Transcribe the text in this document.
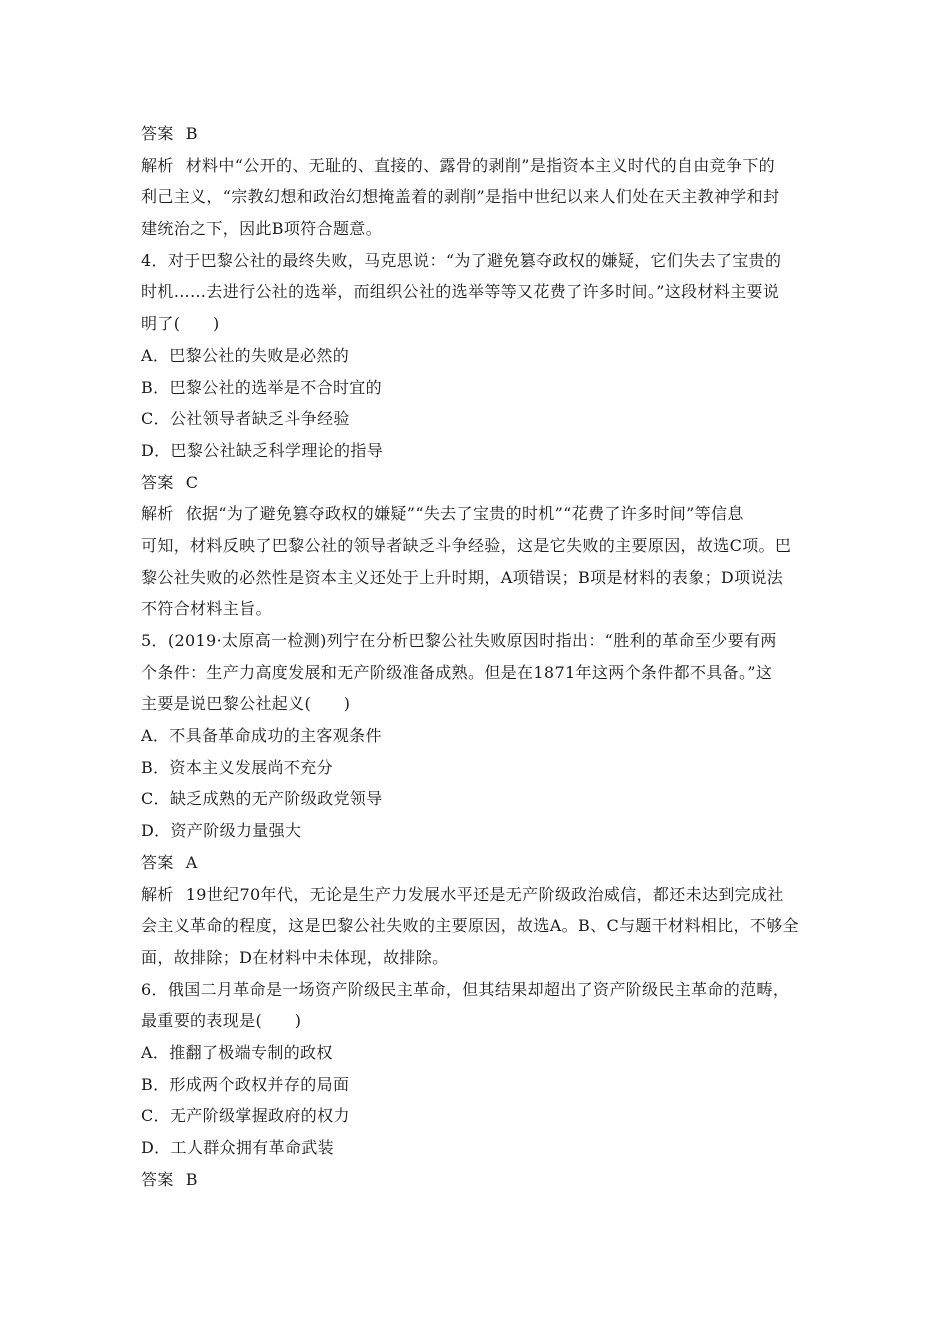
答案 B
解析 材料中“公开的、无耻的、直接的、露骨的剥削”是指资本主义时代的自由竞争下的
利己主义，“宗教幻想和政治幻想掩盖着的剥削”是指中世纪以来人们处在天主教神学和封
建统治之下，因此B项符合题意。
4．对于巴黎公社的最终失败，马克思说：“为了避免篡夺政权的嫌疑，它们失去了宝贵的
时机……去进行公社的选举，而组织公社的选举等等又花费了许多时间。”这段材料主要说
明了(　　)
A．巴黎公社的失败是必然的
B．巴黎公社的选举是不合时宜的
C．公社领导者缺乏斗争经验
D．巴黎公社缺乏科学理论的指导
答案 C
解析 依据“为了避免篡夺政权的嫌疑”“失去了宝贵的时机”“花费了许多时间”等信息
可知，材料反映了巴黎公社的领导者缺乏斗争经验，这是它失败的主要原因，故选C项。巴
黎公社失败的必然性是资本主义还处于上升时期，A项错误；B项是材料的表象；D项说法
不符合材料主旨。
5．(2019·太原高一检测)列宁在分析巴黎公社失败原因时指出：“胜利的革命至少要有两
个条件：生产力高度发展和无产阶级准备成熟。但是在1871年这两个条件都不具备。”这
主要是说巴黎公社起义(　　)
A．不具备革命成功的主客观条件
B．资本主义发展尚不充分
C．缺乏成熟的无产阶级政党领导
D．资产阶级力量强大
答案 A
解析 19世纪70年代，无论是生产力发展水平还是无产阶级政治威信，都还未达到完成社
会主义革命的程度，这是巴黎公社失败的主要原因，故选A。B、C与题干材料相比，不够全
面，故排除；D在材料中未体现，故排除。
6．俄国二月革命是一场资产阶级民主革命，但其结果却超出了资产阶级民主革命的范畴，
最重要的表现是(　　)
A．推翻了极端专制的政权
B．形成两个政权并存的局面
C．无产阶级掌握政府的权力
D．工人群众拥有革命武装
答案 B
